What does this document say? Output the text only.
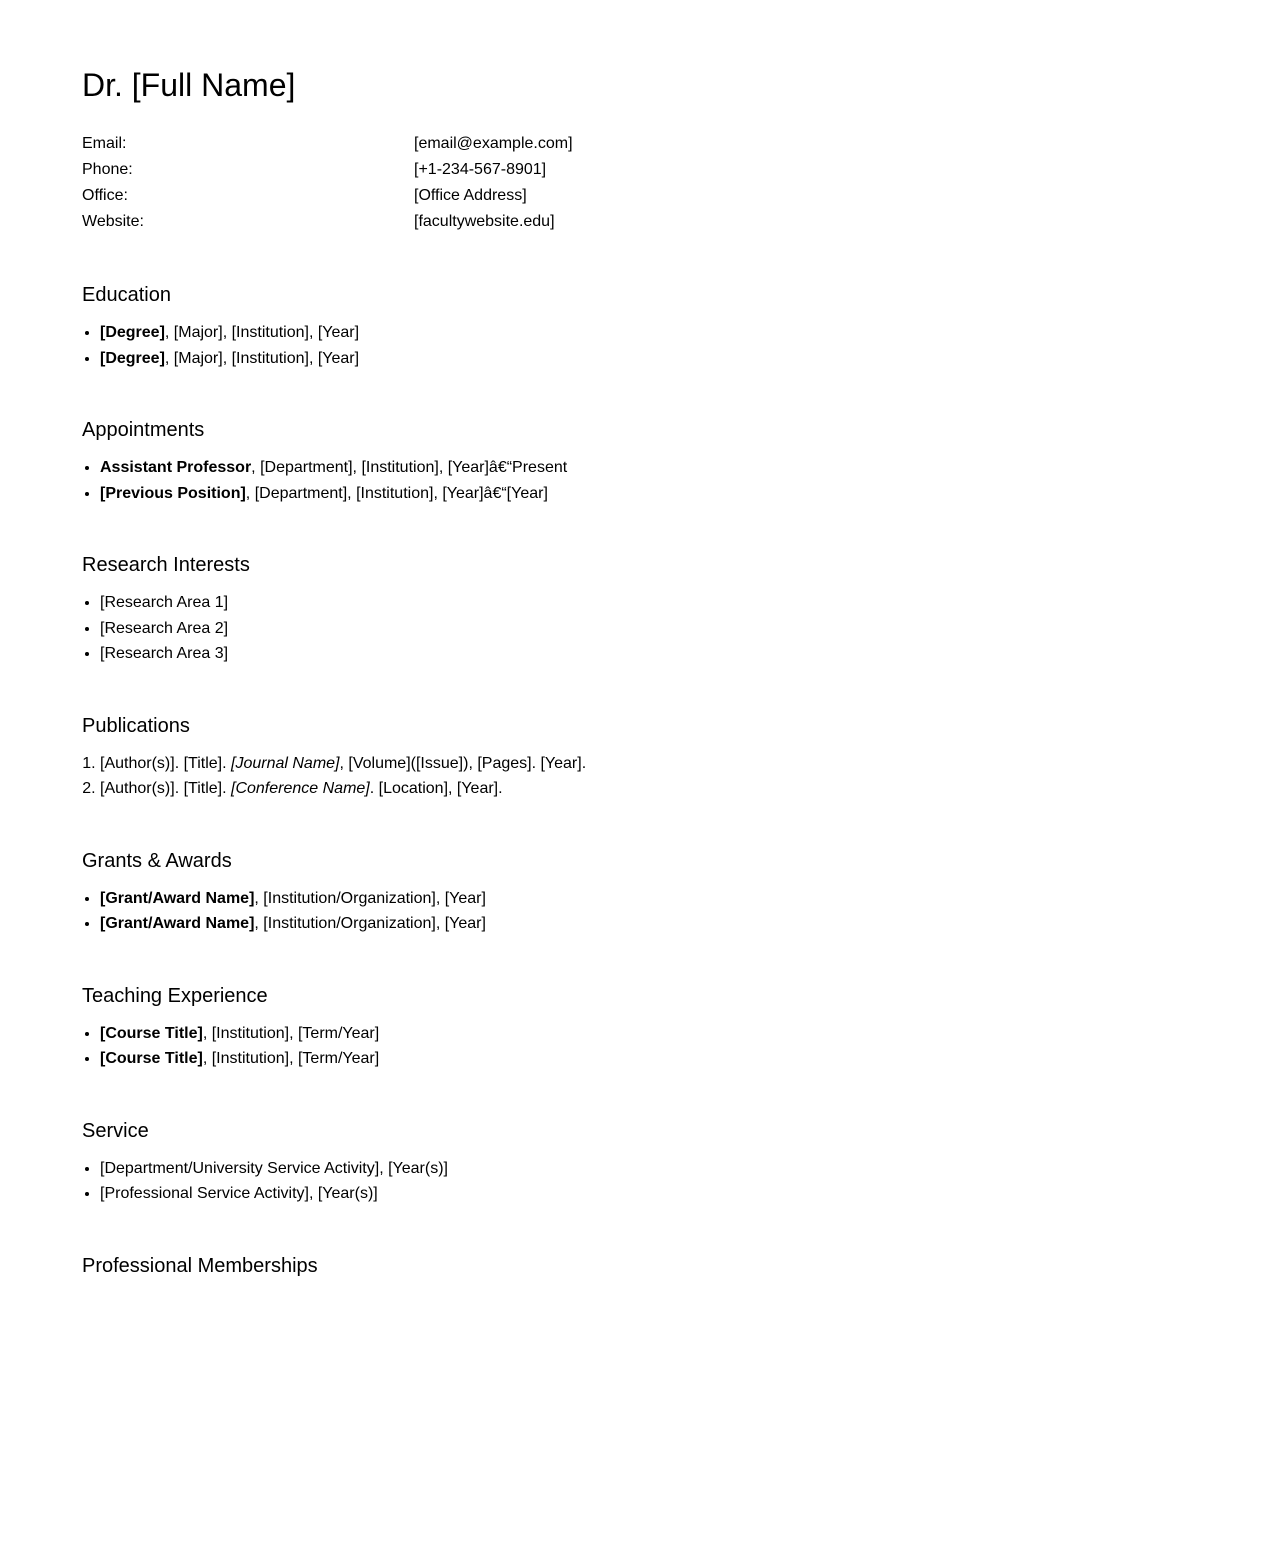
Dr. [Full Name]
Email:	[email@example.com]
Phone:	[+1-234-567-8901]
Office:	[Office Address]
Website:	[facultywebsite.edu]
Education
• [Degree], [Major], [Institution], [Year]
• [Degree], [Major], [Institution], [Year]
Appointments
• Assistant Professor, [Department], [Institution], [Year]â€“Present
• [Previous Position], [Department], [Institution], [Year]â€“[Year]
Research Interests
• [Research Area 1]
• [Research Area 2]
• [Research Area 3]
Publications
1. [Author(s)]. [Title]. [Journal Name], [Volume]([Issue]), [Pages]. [Year].
2. [Author(s)]. [Title]. [Conference Name]. [Location], [Year].
Grants & Awards
• [Grant/Award Name], [Institution/Organization], [Year]
• [Grant/Award Name], [Institution/Organization], [Year]
Teaching Experience
• [Course Title], [Institution], [Term/Year]
• [Course Title], [Institution], [Term/Year]
Service
• [Department/University Service Activity], [Year(s)]
• [Professional Service Activity], [Year(s)]
Professional Memberships
